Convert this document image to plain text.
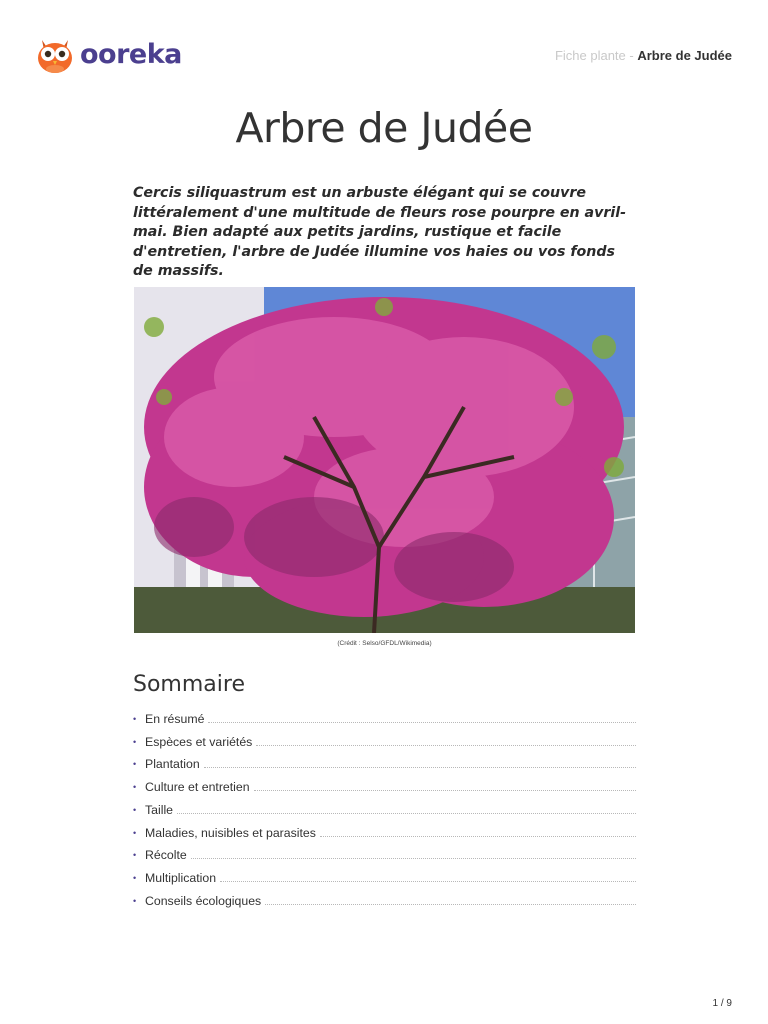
ooreka	Fiche plante - Arbre de Judée
Arbre de Judée

Cercis siliquastrum est un arbuste élégant qui se couvre littéralement d'une multitude de fleurs rose pourpre en avril-mai. Bien adapté aux petits jardins, rustique et facile d'entretien, l'arbre de Judée illumine vos haies ou vos fonds de massifs.

(Crédit : Selso/GFDL/Wikimedia)
Sommaire
• En résumé
• Espèces et variétés
• Plantation
• Culture et entretien
• Taille
• Maladies, nuisibles et parasites
• Récolte
• Multiplication
• Conseils écologiques
1 / 9
